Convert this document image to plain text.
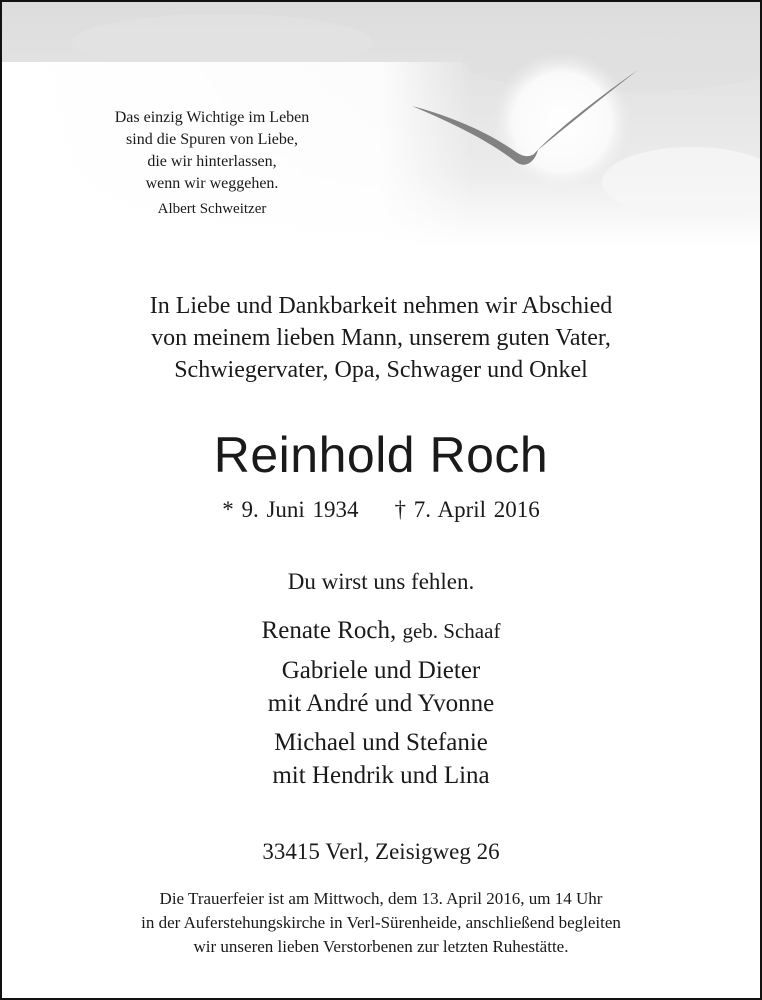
Das einzig Wichtige im Leben
sind die Spuren von Liebe,
die wir hinterlassen,
wenn wir weggehen.
Albert Schweitzer
In Liebe und Dankbarkeit nehmen wir Abschied
von meinem lieben Mann, unserem guten Vater,
Schwiegervater, Opa, Schwager und Onkel
Reinhold Roch
* 9. Juni 1934 † 7. April 2016
Du wirst uns fehlen.
Renate Roch, geb. Schaaf
Gabriele und Dieter
mit André und Yvonne
Michael und Stefanie
mit Hendrik und Lina
33415 Verl, Zeisigweg 26
Die Trauerfeier ist am Mittwoch, dem 13. April 2016, um 14 Uhr
in der Auferstehungskirche in Verl-Sürenheide, anschließend begleiten
wir unseren lieben Verstorbenen zur letzten Ruhestätte.
